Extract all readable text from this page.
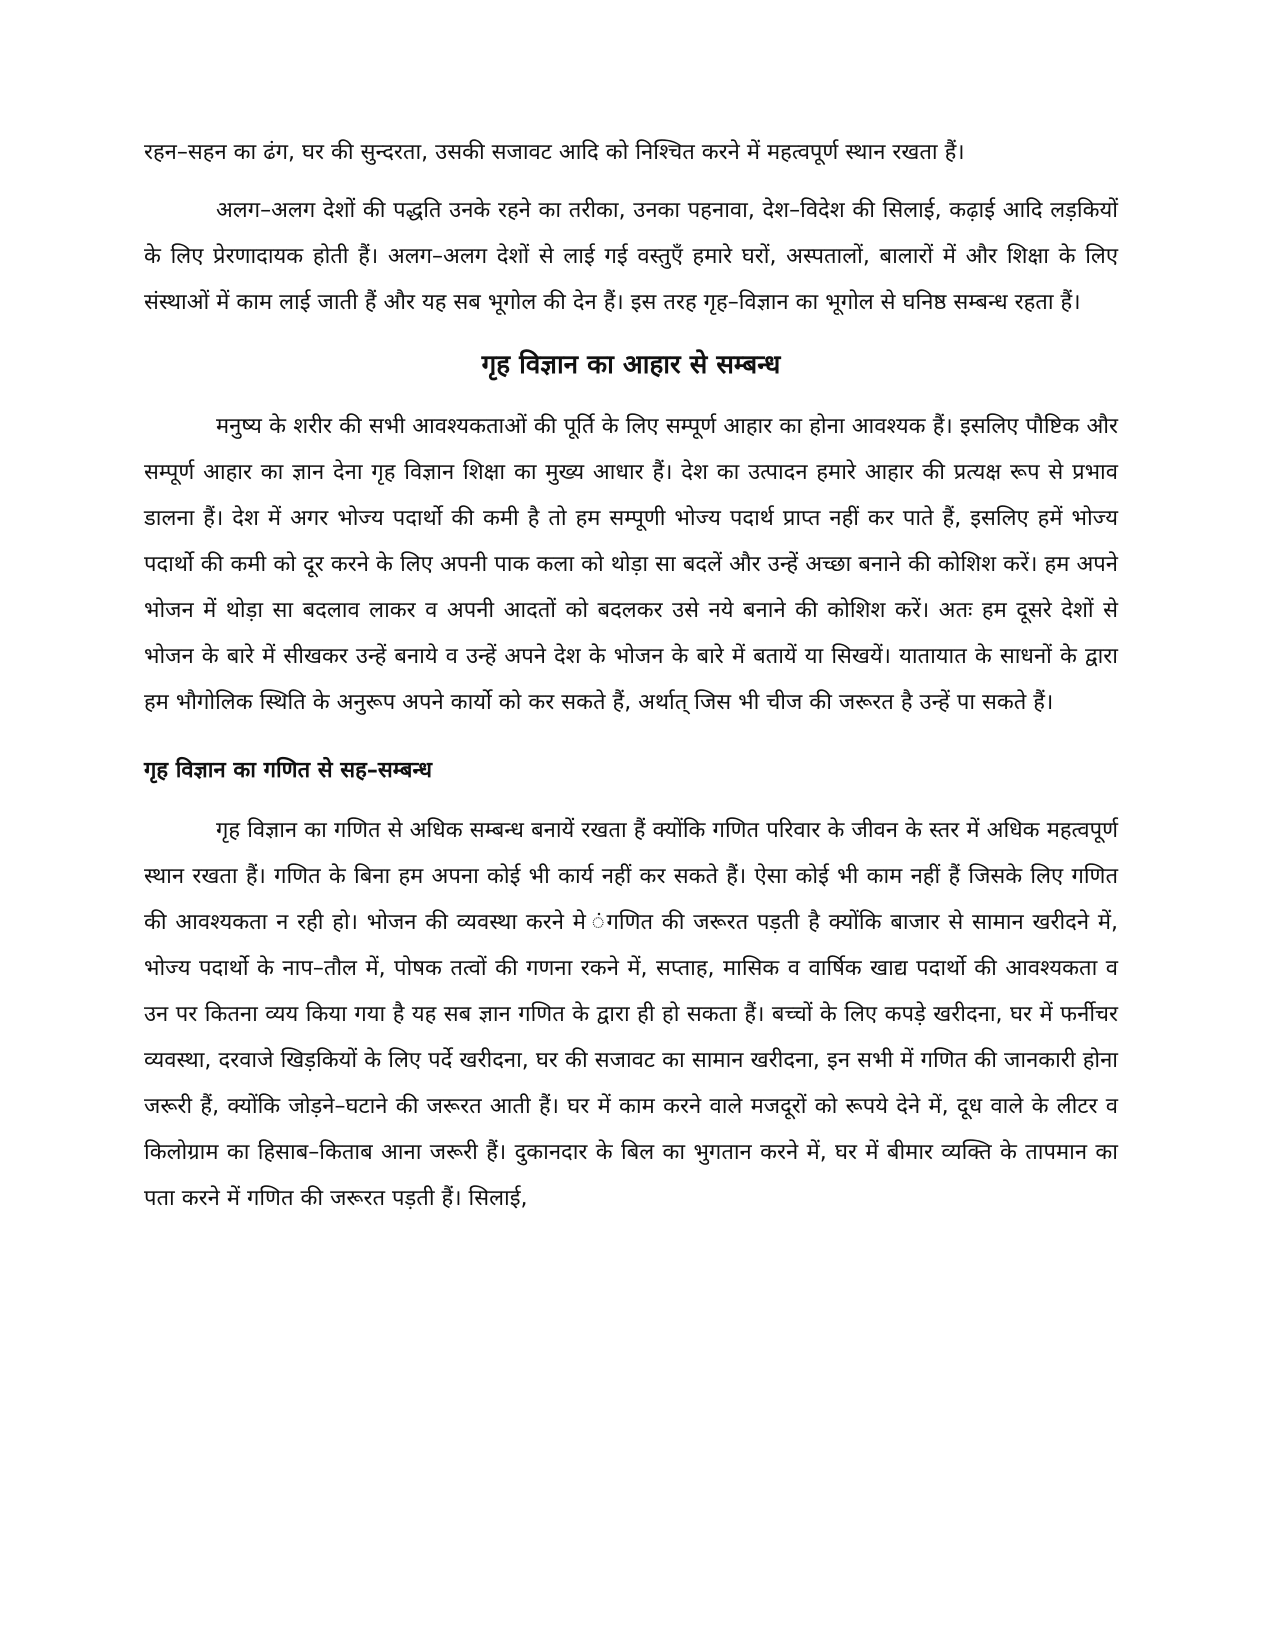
रहन–सहन का ढंग, घर की सुन्दरता, उसकी सजावट आदि को निश्चित करने में महत्वपूर्ण स्थान रखता हैं।

अलग–अलग देशों की पद्धति उनके रहने का तरीका, उनका पहनावा, देश–विदेश की सिलाई, कढ़ाई आदि लड़कियों के लिए प्रेरणादायक होती हैं। अलग–अलग देशों से लाई गई वस्तुएँ हमारे घरों, अस्पतालों, बालारों में और शिक्षा के लिए संस्थाओं में काम लाई जाती हैं और यह सब भूगोल की देन हैं। इस तरह गृह–विज्ञान का भूगोल से घनिष्ठ सम्बन्ध रहता हैं।

गृह विज्ञान का आहार से सम्बन्ध

मनुष्य के शरीर की सभी आवश्यकताओं की पूर्ति के लिए सम्पूर्ण आहार का होना आवश्यक हैं। इसलिए पौष्टिक और सम्पूर्ण आहार का ज्ञान देना गृह विज्ञान शिक्षा का मुख्य आधार हैं। देश का उत्पादन हमारे आहार की प्रत्यक्ष रूप से प्रभाव डालना हैं। देश में अगर भोज्य पदार्थो की कमी है तो हम सम्पूणी भोज्य पदार्थ प्राप्त नहीं कर पाते हैं, इसलिए हमें भोज्य पदार्थो की कमी को दूर करने के लिए अपनी पाक कला को थोड़ा सा बदलें और उन्हें अच्छा बनाने की कोशिश करें। हम अपने भोजन में थोड़ा सा बदलाव लाकर व अपनी आदतों को बदलकर उसे नये बनाने की कोशिश करें। अतः हम दूसरे देशों से भोजन के बारे में सीखकर उन्हें बनाये व उन्हें अपने देश के भोजन के बारे में बतायें या सिखयें। यातायात के साधनों के द्वारा हम भौगोलिक स्थिति के अनुरूप अपने कार्यो को कर सकते हैं, अर्थात् जिस भी चीज की जरूरत है उन्हें पा सकते हैं।

गृह विज्ञान का गणित से सह–सम्बन्ध

गृह विज्ञान का गणित से अधिक सम्बन्ध बनायें रखता हैं क्योंकि गणित परिवार के जीवन के स्तर में अधिक महत्वपूर्ण स्थान रखता हैं। गणित के बिना हम अपना कोई भी कार्य नहीं कर सकते हैं। ऐसा कोई भी काम नहीं हैं जिसके लिए गणित की आवश्यकता न रही हो। भोजन की व्यवस्था करने मे ंगणित की जरूरत पड़ती है क्योंकि बाजार से सामान खरीदने में, भोज्य पदार्थो के नाप–तौल में, पोषक तत्वों की गणना रकने में, सप्ताह, मासिक व वार्षिक खाद्य पदार्थो की आवश्यकता व उन पर कितना व्यय किया गया है यह सब ज्ञान गणित के द्वारा ही हो सकता हैं। बच्चों के लिए कपड़े खरीदना, घर में फर्नीचर व्यवस्था, दरवाजे खिड़कियों के लिए पर्दे खरीदना, घर की सजावट का सामान खरीदना, इन सभी में गणित की जानकारी होना जरूरी हैं, क्योंकि जोड़ने–घटाने की जरूरत आती हैं। घर में काम करने वाले मजदूरों को रूपये देने में, दूध वाले के लीटर व किलोग्राम का हिसाब–किताब आना जरूरी हैं। दुकानदार के बिल का भुगतान करने में, घर में बीमार व्यक्ति के तापमान का पता करने में गणित की जरूरत पड़ती हैं। सिलाई,
